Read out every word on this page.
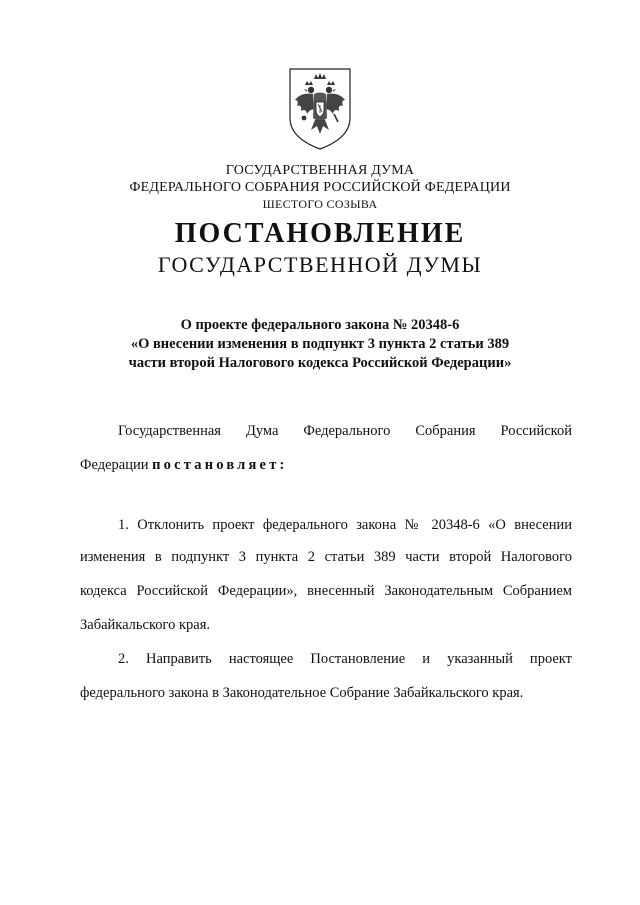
ГОСУДАРСТВЕННАЯ ДУМА
ФЕДЕРАЛЬНОГО СОБРАНИЯ РОССИЙСКОЙ ФЕДЕРАЦИИ
ШЕСТОГО СОЗЫВА
ПОСТАНОВЛЕНИЕ
ГОСУДАРСТВЕННОЙ ДУМЫ
О проекте федерального закона № 20348-6
«О внесении изменения в подпункт 3 пункта 2 статьи 389
части второй Налогового кодекса Российской Федерации»
Государственная Дума Федерального Собрания Российской
Федерации постановляет:
1. Отклонить проект федерального закона № 20348-6 «О внесении
изменения в подпункт 3 пункта 2 статьи 389 части второй Налогового
кодекса Российской Федерации», внесенный Законодательным Собранием
Забайкальского края.
2. Направить настоящее Постановление и указанный проект
федерального закона в Законодательное Собрание Забайкальского края.
